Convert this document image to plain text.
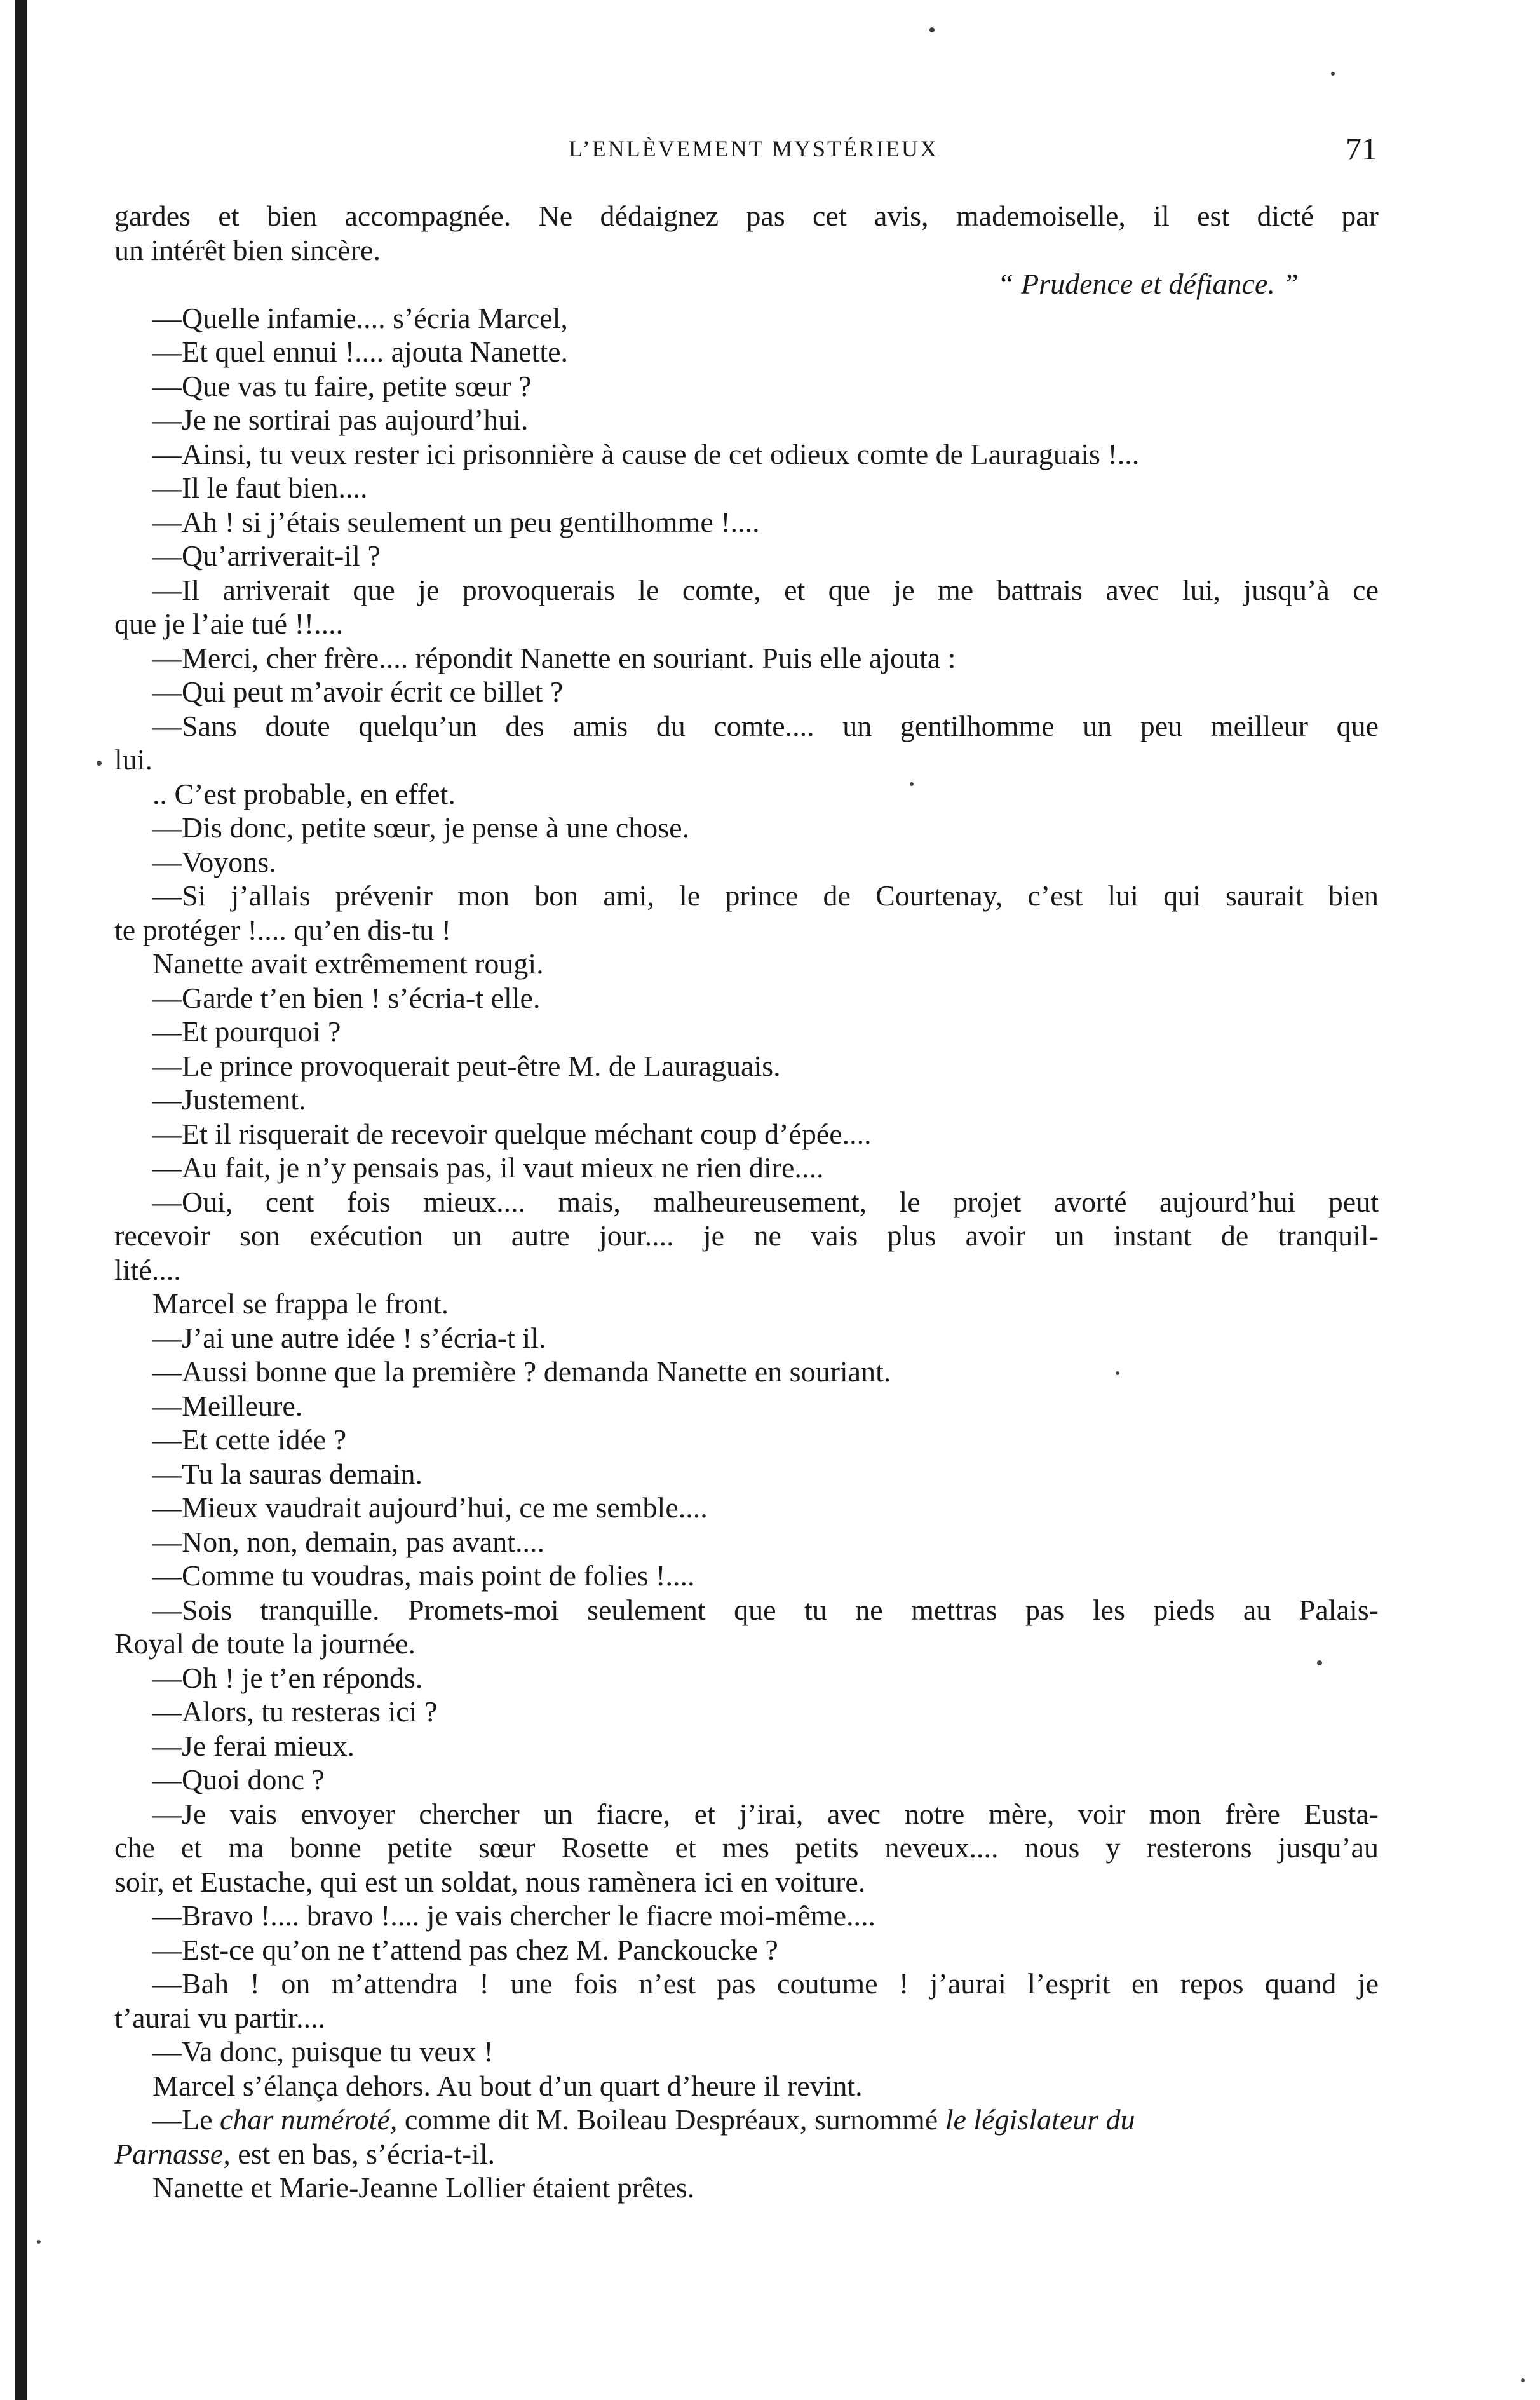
L’ENLÈVEMENT MYSTÉRIEUX	71
gardes et bien accompagnée. Ne dédaignez pas cet avis, mademoiselle, il est dicté par
un intérêt bien sincère.
“ Prudence et défiance. ”
—Quelle infamie.... s’écria Marcel,
—Et quel ennui !.... ajouta Nanette.
—Que vas tu faire, petite sœur ?
—Je ne sortirai pas aujourd’hui.
—Ainsi, tu veux rester ici prisonnière à cause de cet odieux comte de Lauraguais !...
—Il le faut bien....
—Ah ! si j’étais seulement un peu gentilhomme !....
—Qu’arriverait-il ?
—Il arriverait que je provoquerais le comte, et que je me battrais avec lui, jusqu’à ce
que je l’aie tué !!....
—Merci, cher frère.... répondit Nanette en souriant. Puis elle ajouta :
—Qui peut m’avoir écrit ce billet ?
—Sans doute quelqu’un des amis du comte.... un gentilhomme un peu meilleur que
lui.
.. C’est probable, en effet.
—Dis donc, petite sœur, je pense à une chose.
—Voyons.
—Si j’allais prévenir mon bon ami, le prince de Courtenay, c’est lui qui saurait bien
te protéger !.... qu’en dis-tu !
Nanette avait extrêmement rougi.
—Garde t’en bien ! s’écria-t elle.
—Et pourquoi ?
—Le prince provoquerait peut-être M. de Lauraguais.
—Justement.
—Et il risquerait de recevoir quelque méchant coup d’épée....
—Au fait, je n’y pensais pas, il vaut mieux ne rien dire....
—Oui, cent fois mieux.... mais, malheureusement, le projet avorté aujourd’hui peut
recevoir son exécution un autre jour.... je ne vais plus avoir un instant de tranquil-
lité....
Marcel se frappa le front.
—J’ai une autre idée ! s’écria-t il.
—Aussi bonne que la première ? demanda Nanette en souriant.
—Meilleure.
—Et cette idée ?
—Tu la sauras demain.
—Mieux vaudrait aujourd’hui, ce me semble....
—Non, non, demain, pas avant....
—Comme tu voudras, mais point de folies !....
—Sois tranquille. Promets-moi seulement que tu ne mettras pas les pieds au Palais-
Royal de toute la journée.
—Oh ! je t’en réponds.
—Alors, tu resteras ici ?
—Je ferai mieux.
—Quoi donc ?
—Je vais envoyer chercher un fiacre, et j’irai, avec notre mère, voir mon frère Eusta-
che et ma bonne petite sœur Rosette et mes petits neveux.... nous y resterons jusqu’au
soir, et Eustache, qui est un soldat, nous ramènera ici en voiture.
—Bravo !.... bravo !.... je vais chercher le fiacre moi-même....
—Est-ce qu’on ne t’attend pas chez M. Panckoucke ?
—Bah ! on m’attendra ! une fois n’est pas coutume ! j’aurai l’esprit en repos quand je
t’aurai vu partir....
—Va donc, puisque tu veux !
Marcel s’élança dehors. Au bout d’un quart d’heure il revint.
—Le char numéroté, comme dit M. Boileau Despréaux, surnommé le législateur du
Parnasse, est en bas, s’écria-t-il.
Nanette et Marie-Jeanne Lollier étaient prêtes.
